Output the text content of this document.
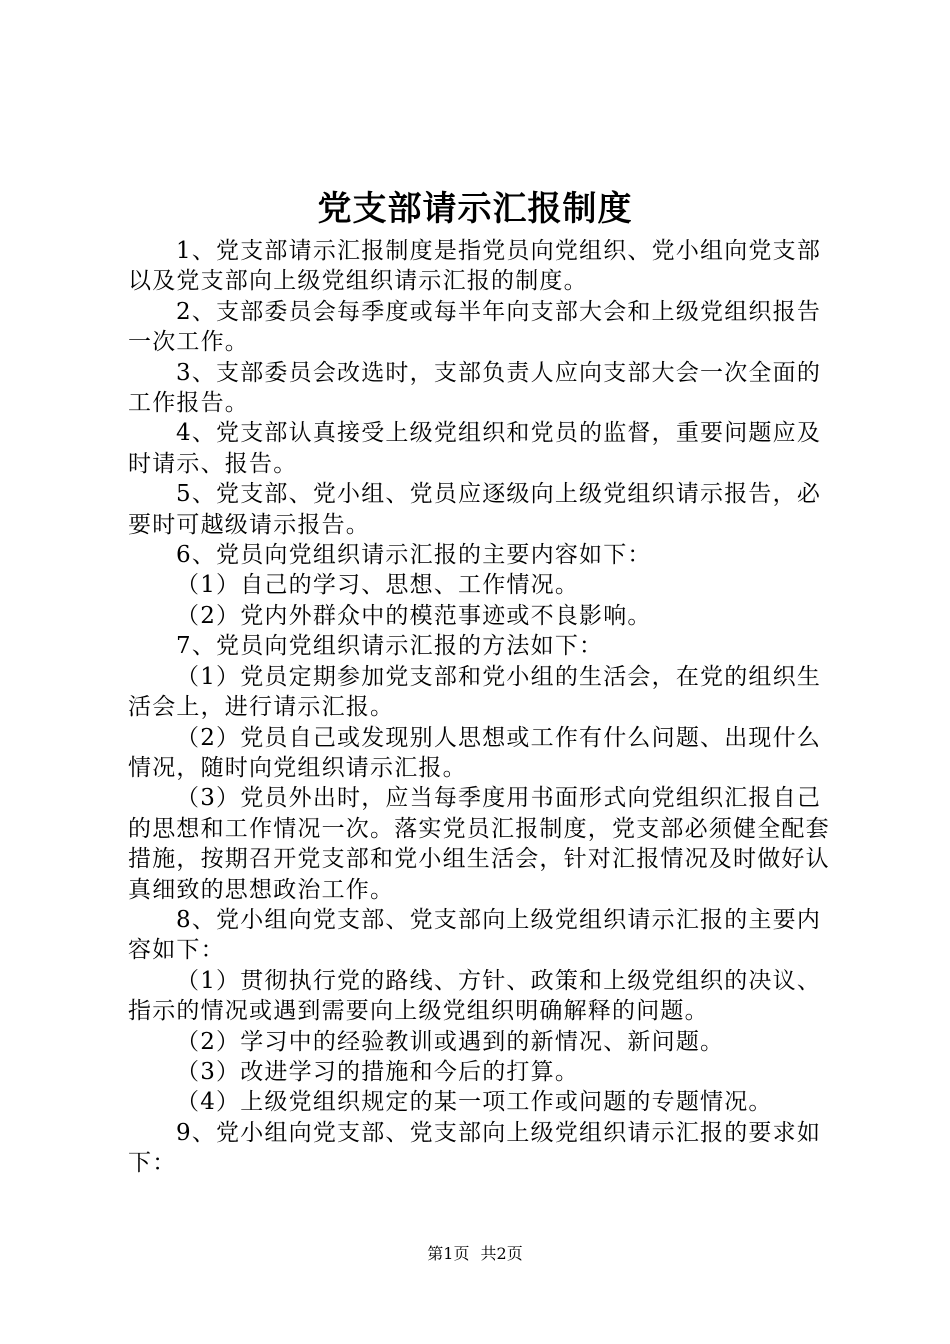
党支部请示汇报制度

1、党支部请示汇报制度是指党员向党组织、党小组向党支部以及党支部向上级党组织请示汇报的制度。

2、支部委员会每季度或每半年向支部大会和上级党组织报告一次工作。

3、支部委员会改选时，支部负责人应向支部大会一次全面的工作报告。

4、党支部认真接受上级党组织和党员的监督，重要问题应及时请示、报告。

5、党支部、党小组、党员应逐级向上级党组织请示报告，必要时可越级请示报告。

6、党员向党组织请示汇报的主要内容如下：

（1）自己的学习、思想、工作情况。

（2）党内外群众中的模范事迹或不良影响。

7、党员向党组织请示汇报的方法如下：

（1）党员定期参加党支部和党小组的生活会，在党的组织生活会上，进行请示汇报。

（2）党员自己或发现别人思想或工作有什么问题、出现什么情况，随时向党组织请示汇报。

（3）党员外出时，应当每季度用书面形式向党组织汇报自己的思想和工作情况一次。落实党员汇报制度，党支部必须健全配套措施，按期召开党支部和党小组生活会，针对汇报情况及时做好认真细致的思想政治工作。

8、党小组向党支部、党支部向上级党组织请示汇报的主要内容如下：

（1）贯彻执行党的路线、方针、政策和上级党组织的决议、指示的情况或遇到需要向上级党组织明确解释的问题。

（2）学习中的经验教训或遇到的新情况、新问题。

（3）改进学习的措施和今后的打算。

（4）上级党组织规定的某一项工作或问题的专题情况。

9、党小组向党支部、党支部向上级党组织请示汇报的要求如下：

第1页 共2页
